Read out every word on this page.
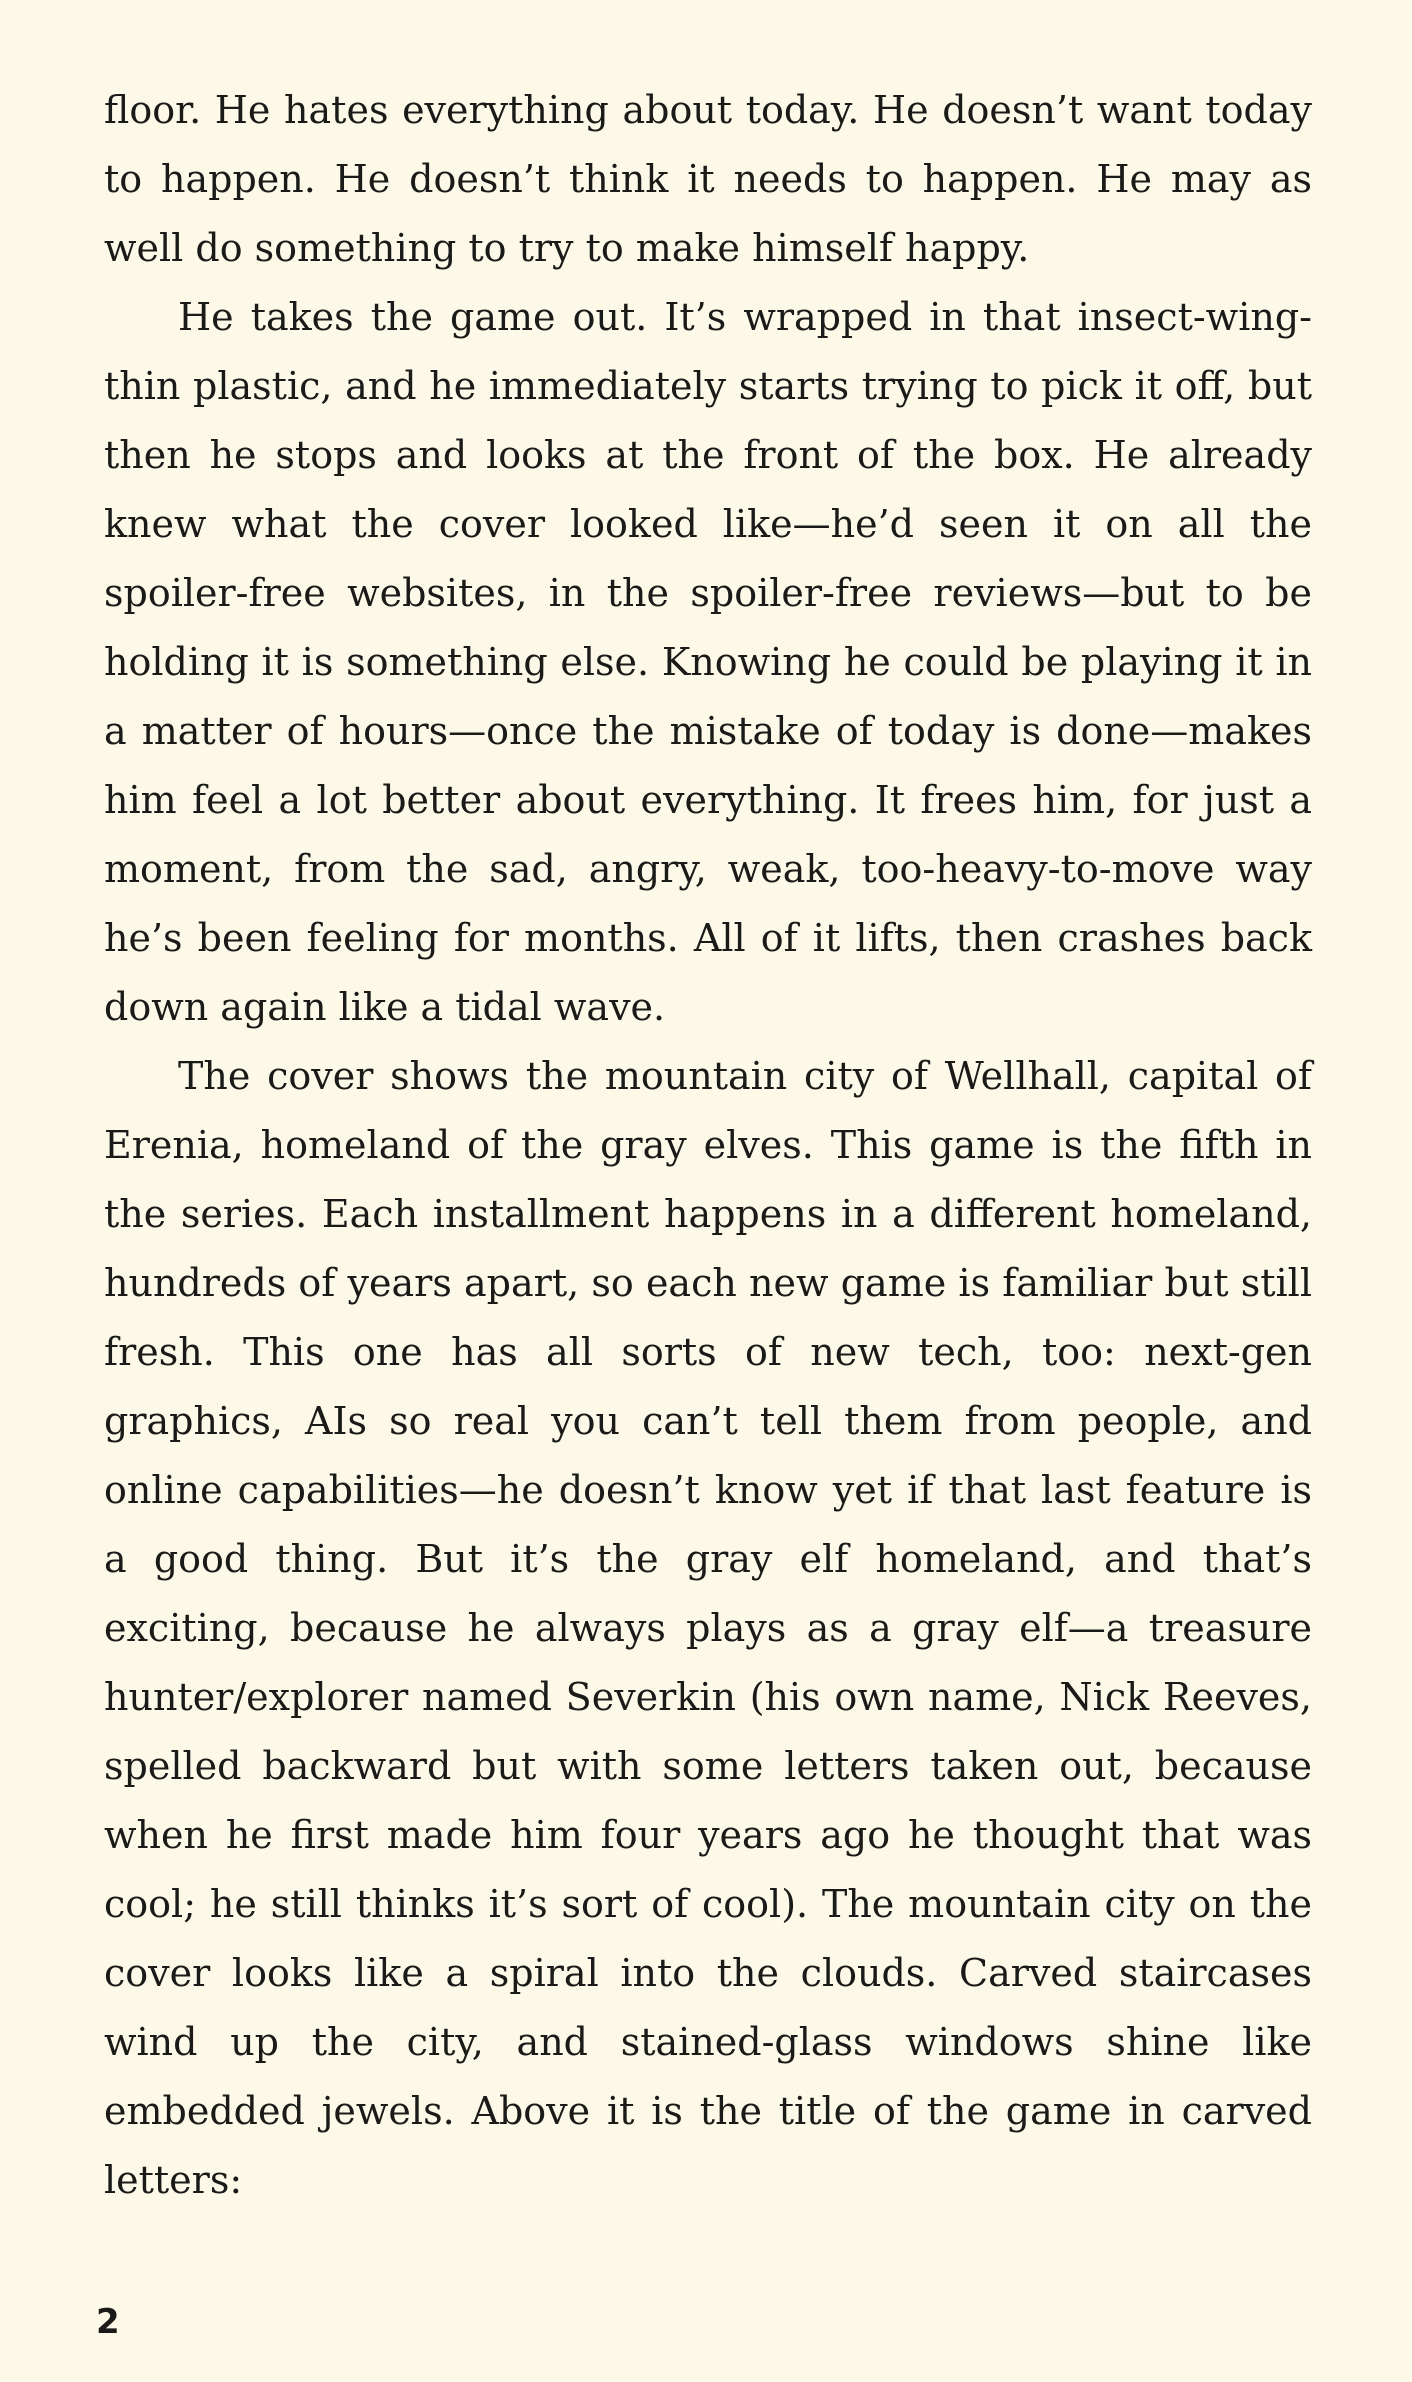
floor. He hates everything about today. He doesn’t want today to happen. He doesn’t think it needs to happen. He may as well do something to try to make himself happy.

He takes the game out. It’s wrapped in that insect-wing-thin plastic, and he immediately starts trying to pick it off, but then he stops and looks at the front of the box. He already knew what the cover looked like—he’d seen it on all the spoiler-free websites, in the spoiler-free reviews—but to be holding it is something else. Knowing he could be playing it in a matter of hours—once the mistake of today is done—makes him feel a lot better about everything. It frees him, for just a moment, from the sad, angry, weak, too-heavy-to-move way he’s been feeling for months. All of it lifts, then crashes back down again like a tidal wave.

The cover shows the mountain city of Wellhall, capital of Erenia, homeland of the gray elves. This game is the fifth in the series. Each installment happens in a different homeland, hundreds of years apart, so each new game is familiar but still fresh. This one has all sorts of new tech, too: next-gen graphics, AIs so real you can’t tell them from people, and online capabilities—he doesn’t know yet if that last feature is a good thing. But it’s the gray elf homeland, and that’s exciting, because he always plays as a gray elf—a treasure hunter/explorer named Severkin (his own name, Nick Reeves, spelled backward but with some letters taken out, because when he first made him four years ago he thought that was cool; he still thinks it’s sort of cool). The mountain city on the cover looks like a spiral into the clouds. Carved staircases wind up the city, and stained-glass windows shine like embedded jewels. Above it is the title of the game in carved letters:

2
